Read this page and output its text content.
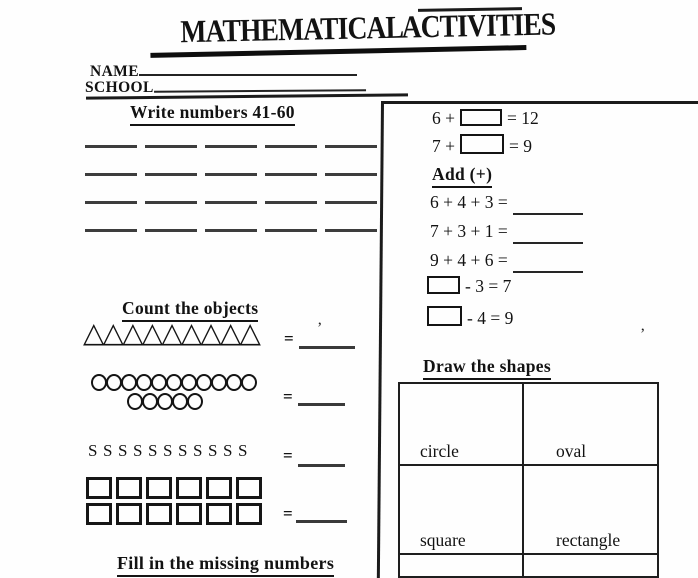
MATHEMATICAL ACTIVITIES
NAME
SCHOOL
Write numbers 41-60
Count the objects
△
△
△
△
△
△
△
△
△ =
’
=
S S S S S S S S S S S	=
=
Fill in the missing numbers
6 +	= 12
7 +	= 9
Add (+)
6 + 4 + 3 =
7 + 3 + 1 =
9 + 4 + 6 =
- 3 = 7
- 4 = 9
’
Draw the shapes
circle	oval
square	rectangle
